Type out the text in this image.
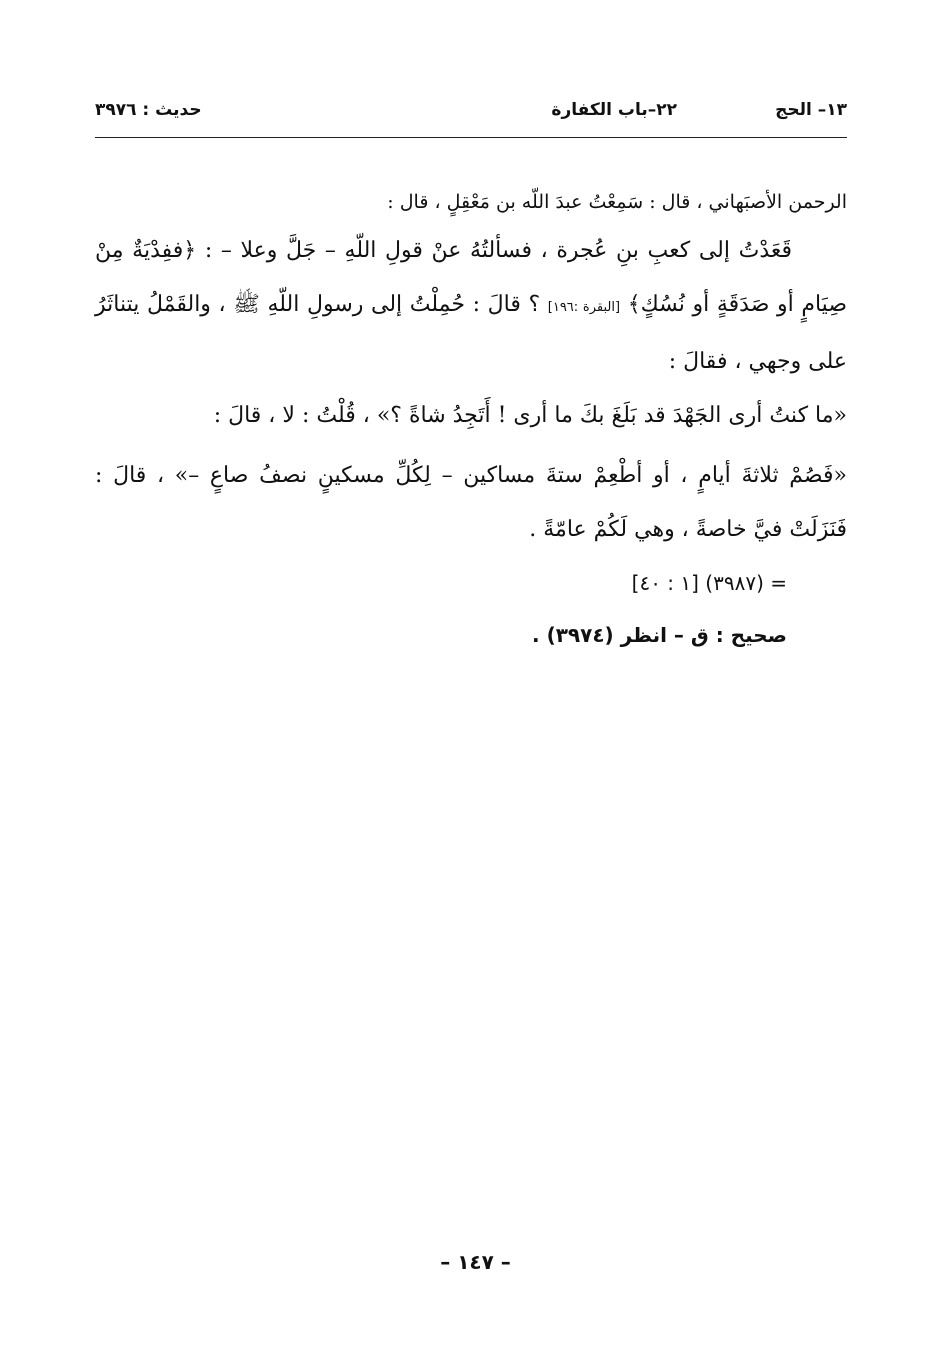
١٣– الحج
٢٢–باب الكفارة
حديث : ٣٩٧٦

الرحمن الأصبَهاني ، قال : سَمِعْتُ عبدَ اللّه بن مَعْقِلٍ ، قال :

قَعَدْتُ إلى كعبِ بنِ عُجرة ، فسألتُهُ عنْ قولِ اللّهِ – جَلَّ وعلا – : ﴿ففِدْيَةٌ مِنْ صِيَامٍ أو صَدَقَةٍ أو نُسُكٍ﴾ [البقرة :١٩٦] ؟ قالَ : حُمِلْتُ إلى رسولِ اللّهِ ﷺ ، والقَمْلُ يتناثَرُ على وجهي ، فقالَ :

«ما كنتُ أرى الجَهْدَ قد بَلَغَ بكَ ما أرى ! أَتَجِدُ شاةً ؟» ، قُلْتُ : لا ، قالَ :

«فَصُمْ ثلاثةَ أيامٍ ، أو أطْعِمْ ستةَ مساكين – لِكُلِّ مسكينٍ نصفُ صاعٍ –» ، قالَ : فَنَزَلَتْ فيَّ خاصةً ، وهي لَكُمْ عامّةً .

= (٣٩٨٧) [١ : ٤٠]

صحيح : ق – انظر (٣٩٧٤) .

– ١٤٧ –
